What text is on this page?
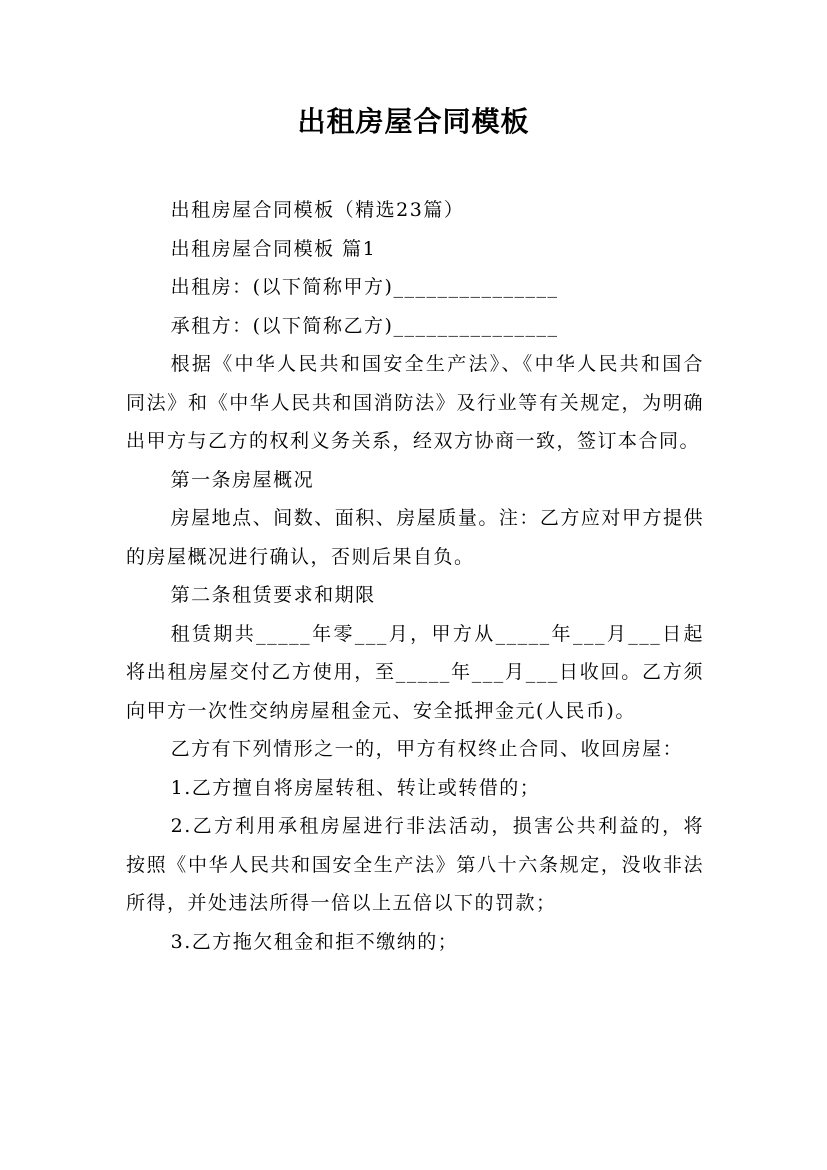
出租房屋合同模板

出租房屋合同模板（精选23篇）

出租房屋合同模板 篇1

出租房：(以下简称甲方)_______________

承租方：(以下简称乙方)_______________

根据《中华人民共和国安全生产法》、《中华人民共和国合同法》和《中华人民共和国消防法》及行业等有关规定，为明确出甲方与乙方的权利义务关系，经双方协商一致，签订本合同。

第一条房屋概况

房屋地点、间数、面积、房屋质量。注：乙方应对甲方提供的房屋概况进行确认，否则后果自负。

第二条租赁要求和期限

租赁期共_____年零___月，甲方从_____年___月___日起将出租房屋交付乙方使用，至_____年___月___日收回。乙方须向甲方一次性交纳房屋租金元、安全抵押金元(人民币)。

乙方有下列情形之一的，甲方有权终止合同、收回房屋：

1.乙方擅自将房屋转租、转让或转借的；

2.乙方利用承租房屋进行非法活动，损害公共利益的，将按照《中华人民共和国安全生产法》第八十六条规定，没收非法所得，并处违法所得一倍以上五倍以下的罚款；

3.乙方拖欠租金和拒不缴纳的；
